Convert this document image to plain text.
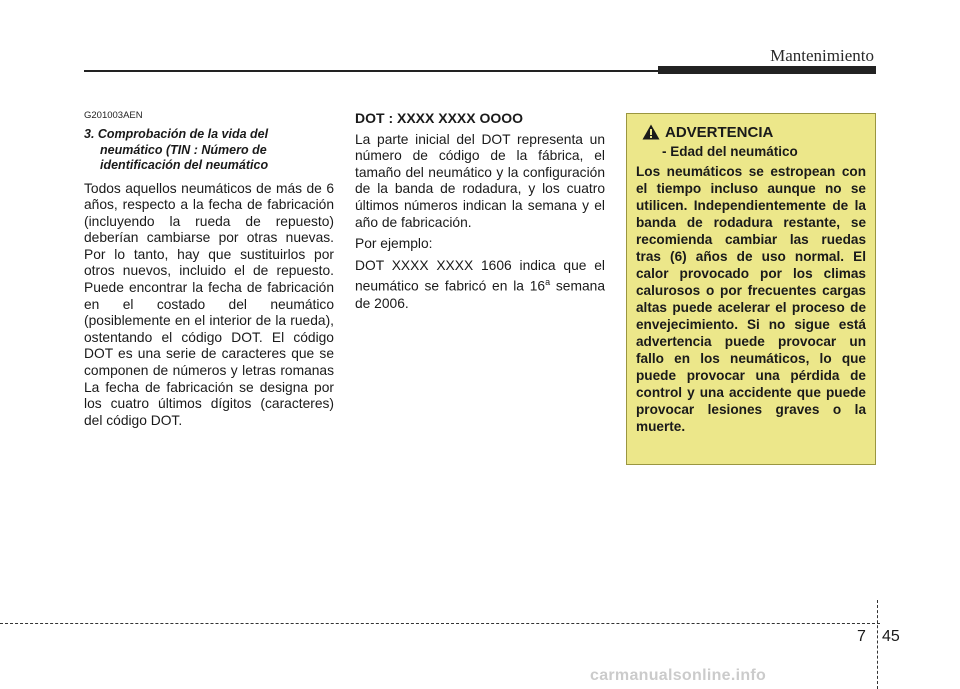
Mantenimiento
G201003AEN
3. Comprobación de la vida del neumático (TIN : Número de identificación del neumático

Todos aquellos neumáticos de más de 6 años, respecto a la fecha de fabricación (incluyendo la rueda de repuesto) deberían cambiarse por otras nuevas. Por lo tanto, hay que sustituirlos por otros nuevos, incluido el de repuesto. Puede encontrar la fecha de fabricación en el costado del neumático (posiblemente en el interior de la rueda), ostentando el código DOT. El código DOT es una serie de caracteres que se componen de números y letras romanas La fecha de fabricación se designa por los cuatro últimos dígitos (caracteres) del código DOT.

DOT : XXXX XXXX OOOO

La parte inicial del DOT representa un número de código de la fábrica, el tamaño del neumático y la configuración de la banda de rodadura, y los cuatro últimos números indican la semana y el año de fabricación.

Por ejemplo:

DOT XXXX XXXX 1606 indica que el neumático se fabricó en la 16$^a$ semana de 2006.

ADVERTENCIA
- Edad del neumático

Los neumáticos se estropean con el tiempo incluso aunque no se utilicen. Independientemente de la banda de rodadura restante, se recomienda cambiar las ruedas tras (6) años de uso normal. El calor provocado por los climas calurosos o por frecuentes cargas altas puede acelerar el proceso de envejecimiento. Si no sigue está advertencia puede provocar un fallo en los neumáticos, lo que puede provocar una pérdida de control y una accidente que puede provocar lesiones graves o la muerte.

7 45
carmanualsonline.info
